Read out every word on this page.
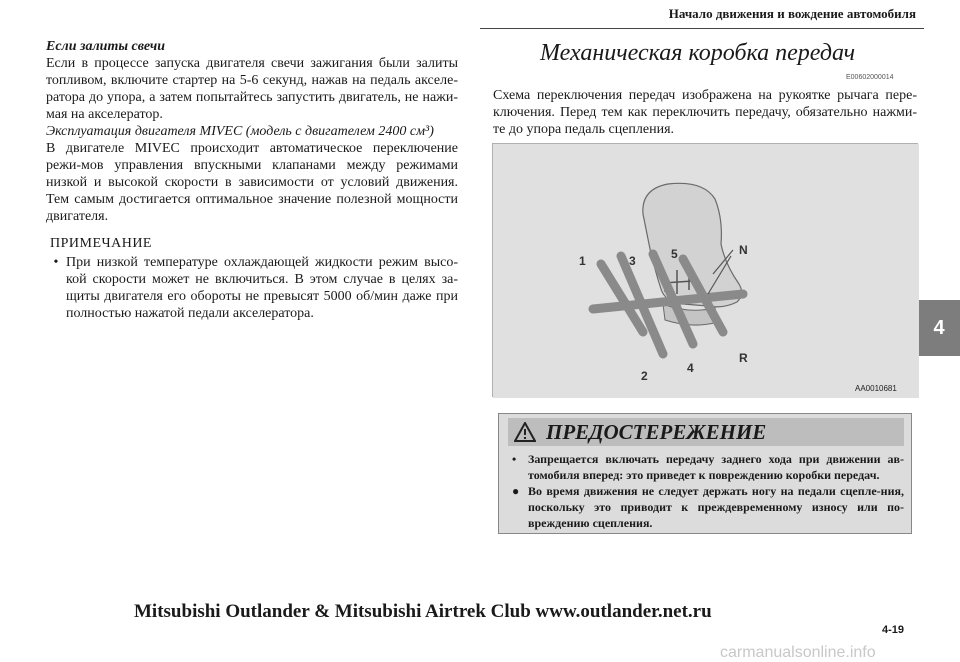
Начало движения и вождение автомобиля
4

Если залиты свечи

Если в процессе запуска двигателя свечи зажигания были залиты топливом, включите стартер на 5-6 секунд, нажав на педаль акселе-ратора до упора, а затем попытайтесь запустить двигатель, не нажи-мая на акселератор.

Эксплуатация двигателя MIVEC (модель с двигателем 2400 см³)

В двигателе MIVEC происходит автоматическое переключение режи-мов управления впускными клапанами между режимами низкой и высокой скорости в зависимости от условий движения. Тем самым достигается оптимальное значение полезной мощности двигателя.

ПРИМЕЧАНИЕ
• При низкой температуре охлаждающей жидкости режим высо-кой скорости может не включиться. В этом случае в целях за-щиты двигателя его обороты не превысят 5000 об/мин даже при полностью нажатой педали акселератора.
Механическая коробка передач
E00602000014
Схема переключения передач изображена на рукоятке рычага пере-ключения. Перед тем как переключить передачу, обязательно нажми-те до упора педаль сцепления.
1	3	5	N
2
4
R
AA0010681
ПРЕДОСТЕРЕЖЕНИЕ
• Запрещается включать передачу заднего хода при движении ав-томобиля вперед: это приведет к повреждению коробки передач.
● Во время движения не следует держать ногу на педали сцепле-ния, поскольку это приводит к преждевременному износу или по-вреждению сцепления.
Mitsubishi Outlander & Mitsubishi Airtrek Club www.outlander.net.ru
4-19
carmanualsonline.info
